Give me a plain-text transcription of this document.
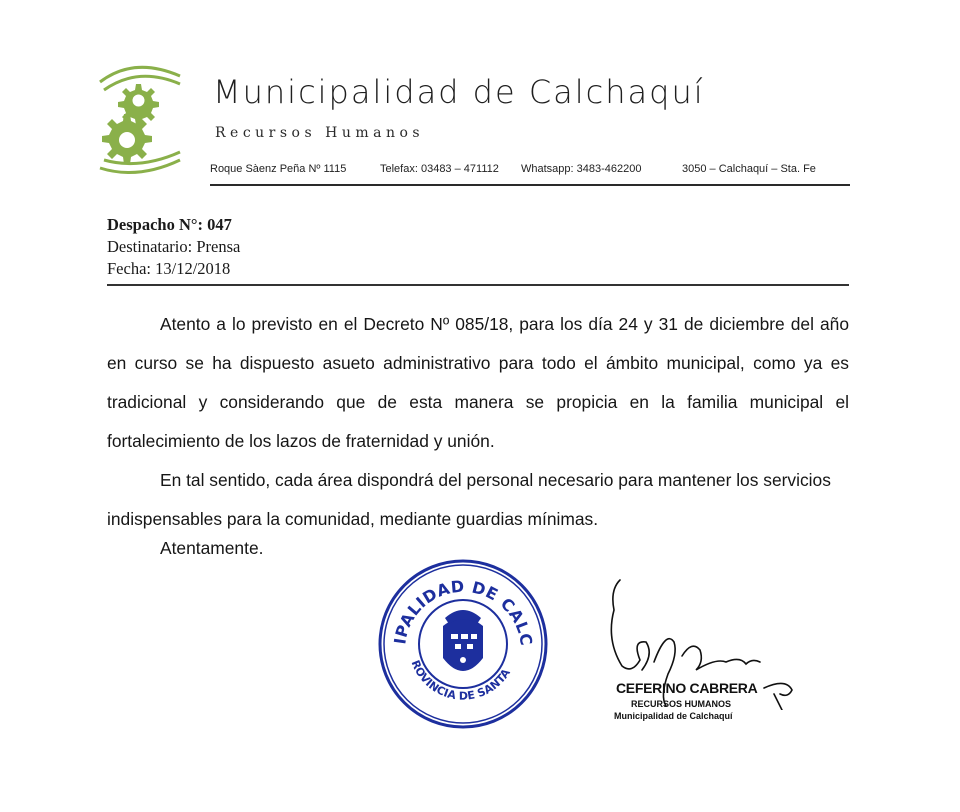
Municipalidad de Calchaquí
Recursos Humanos
Roque Sàenz Peña Nº 1115	Telefax: 03483 – 471112 Whatsapp: 3483-462200	3050 – Calchaquí – Sta. Fe
Despacho N°: 047
Destinatario: Prensa
Fecha: 13/12/2018

Atento a lo previsto en el Decreto Nº 085/18, para los día 24 y 31 de diciembre del año en curso se ha dispuesto asueto administrativo para todo el ámbito municipal, como ya es tradicional y considerando que de esta manera se propicia en la familia municipal el fortalecimiento de los lazos de fraternidad y unión.

En tal sentido, cada área dispondrá del personal necesario para mantener los servicios indispensables para la comunidad, mediante guardias mínimas.

Atentamente.
IPALIDAD DE CALC
ROVINCIA DE SANTA
CEFERINO CABRERA
RECURSOS HUMANOS
Municipalidad de Calchaquí
